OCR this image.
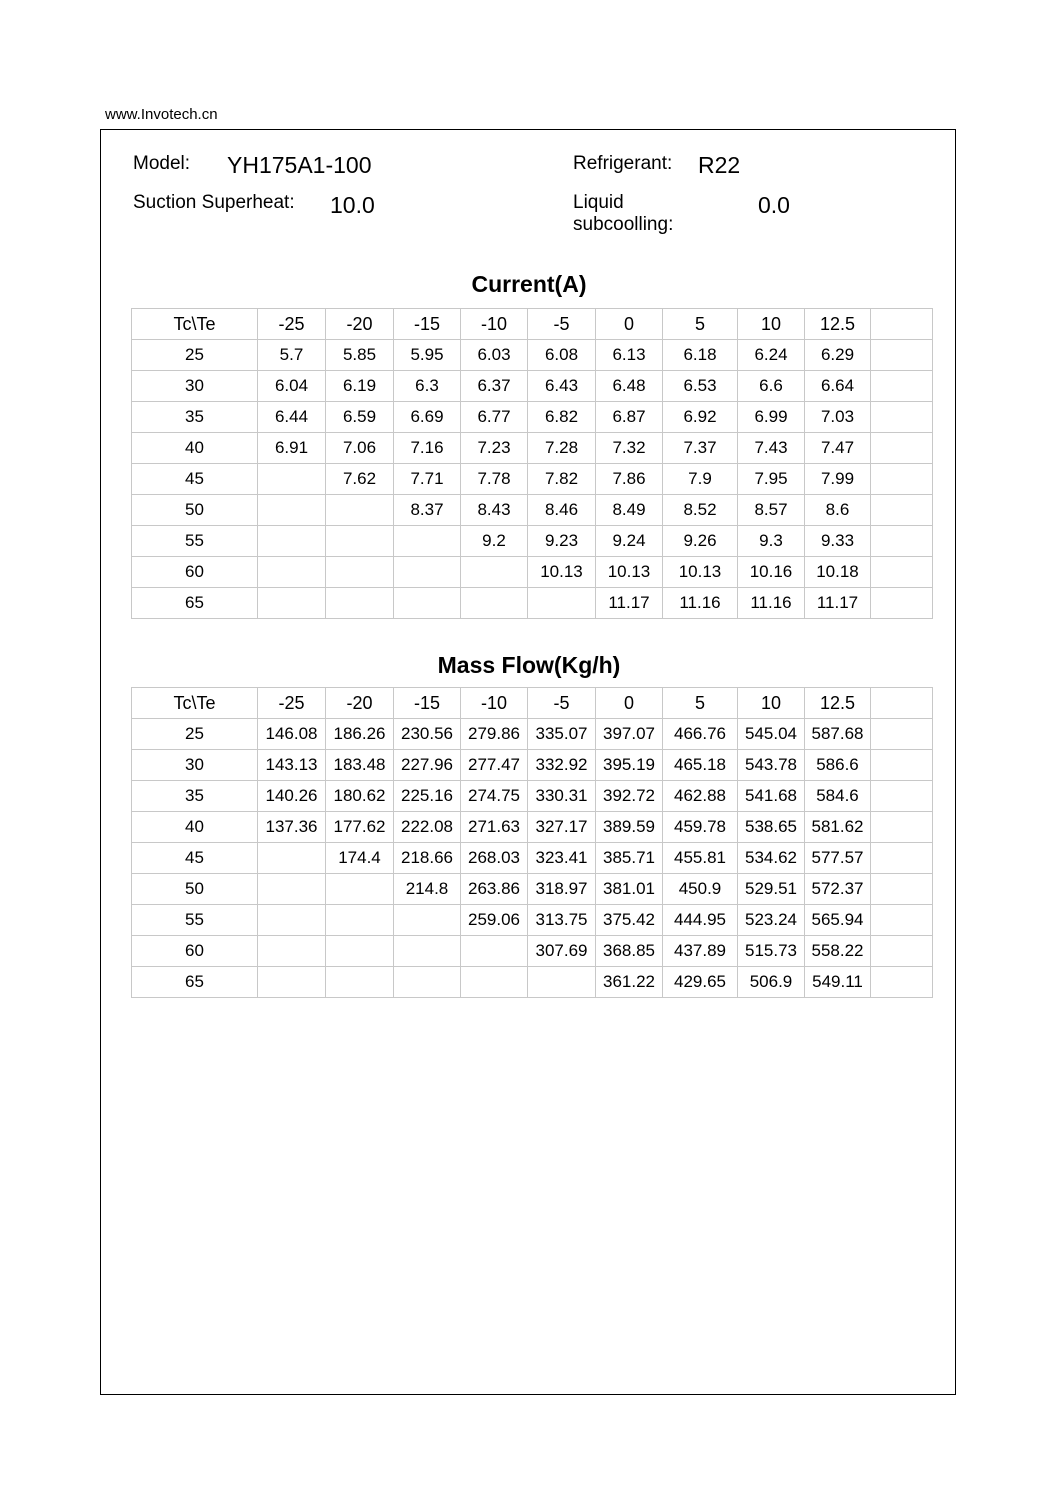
www.Invotech.cn
Model: YH175A1-100	Refrigerant: R22
Suction Superheat: 10.0	Liquid
subcoolling:
0.0
Current(A)
Tc\Te	-25	-20	-15	-10	-5	0	5	10	12.5	
25	5.7	5.85	5.95	6.03	6.08	6.13	6.18	6.24	6.29	
30	6.04	6.19	6.3	6.37	6.43	6.48	6.53	6.6	6.64	
35	6.44	6.59	6.69	6.77	6.82	6.87	6.92	6.99	7.03	
40	6.91	7.06	7.16	7.23	7.28	7.32	7.37	7.43	7.47	
45		7.62	7.71	7.78	7.82	7.86	7.9	7.95	7.99	
50			8.37	8.43	8.46	8.49	8.52	8.57	8.6	
55				9.2	9.23	9.24	9.26	9.3	9.33	
60					10.13	10.13	10.13	10.16	10.18	
65						11.17	11.16	11.16	11.17	
Mass Flow(Kg/h)
Tc\Te	-25	-20	-15	-10	-5	0	5	10	12.5	
25	146.08	186.26	230.56	279.86	335.07	397.07	466.76	545.04	587.68	
30	143.13	183.48	227.96	277.47	332.92	395.19	465.18	543.78	586.6	
35	140.26	180.62	225.16	274.75	330.31	392.72	462.88	541.68	584.6	
40	137.36	177.62	222.08	271.63	327.17	389.59	459.78	538.65	581.62	
45		174.4	218.66	268.03	323.41	385.71	455.81	534.62	577.57	
50			214.8	263.86	318.97	381.01	450.9	529.51	572.37	
55				259.06	313.75	375.42	444.95	523.24	565.94	
60					307.69	368.85	437.89	515.73	558.22	
65						361.22	429.65	506.9	549.11	
